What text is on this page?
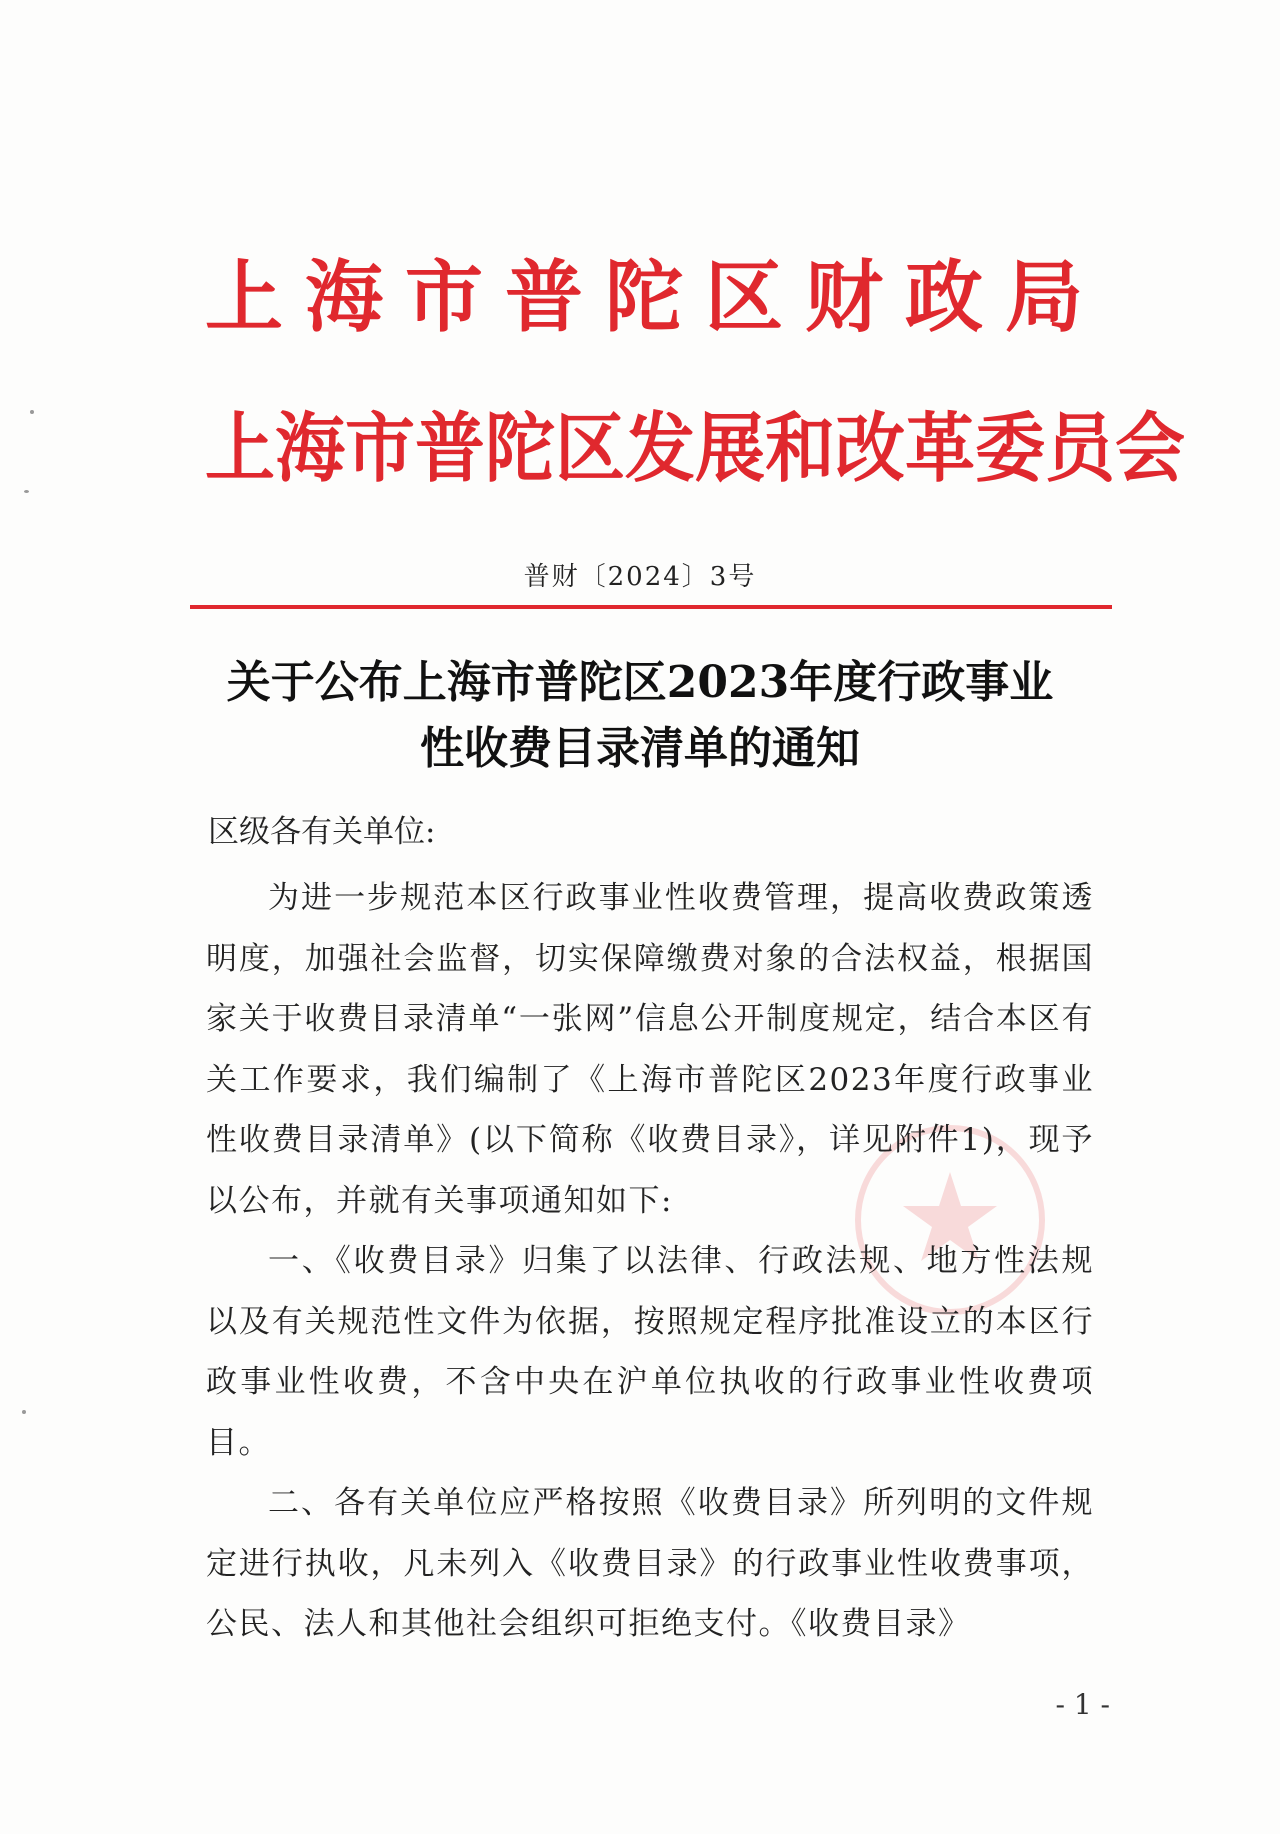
上海市普陀区财政局
上海市普陀区发展和改革委员会
普财〔2024〕3号
关于公布上海市普陀区2023年度行政事业
性收费目录清单的通知
区级各有关单位:

为进一步规范本区行政事业性收费管理，提高收费政策透明度，加强社会监督，切实保障缴费对象的合法权益，根据国家关于收费目录清单“一张网”信息公开制度规定，结合本区有关工作要求，我们编制了《上海市普陀区2023年度行政事业性收费目录清单》(以下简称《收费目录》，详见附件1)，现予以公布，并就有关事项通知如下:

一、《收费目录》归集了以法律、行政法规、地方性法规以及有关规范性文件为依据，按照规定程序批准设立的本区行政事业性收费，不含中央在沪单位执收的行政事业性收费项目。

二、各有关单位应严格按照《收费目录》所列明的文件规定进行执收，凡未列入《收费目录》的行政事业性收费事项，公民、法人和其他社会组织可拒绝支付。《收费目录》

- 1 -
